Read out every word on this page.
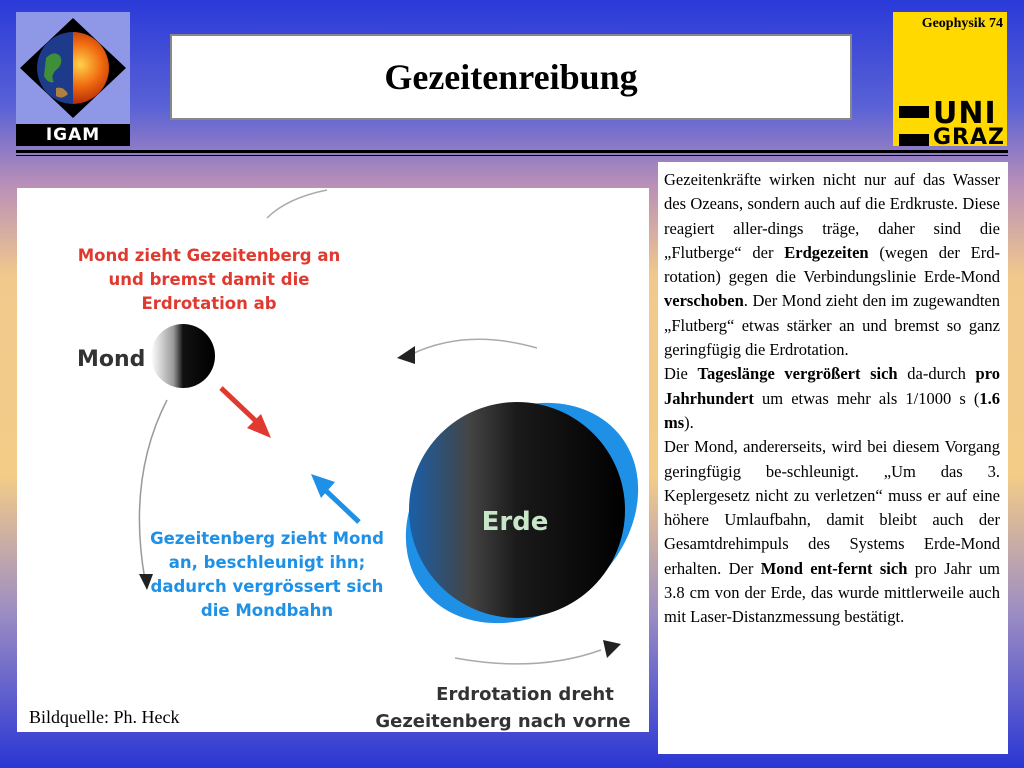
IGAM
Gezeitenreibung
Geophysik 74
UNI
GRAZ
Mond
Erde
Mond zieht Gezeitenberg an
und bremst damit die
Erdrotation ab
Gezeitenberg zieht Mond
an, beschleunigt ihn;
dadurch vergrössert sich
die Mondbahn
Erdrotation dreht
Gezeitenberg nach vorne
Bildquelle: Ph. Heck

Gezeitenkräfte wirken nicht nur auf das Wasser des Ozeans, sondern auch auf die Erdkruste. Diese reagiert aller-dings träge, daher sind die „Flutberge“ der Erdgezeiten (wegen der Erd-rotation) gegen die Verbindungslinie Erde-Mond verschoben. Der Mond zieht den im zugewandten „Flutberg“ etwas stärker an und bremst so ganz geringfügig die Erdrotation.

Die Tageslänge vergrößert sich da-durch pro Jahrhundert um etwas mehr als 1/1000 s (1.6 ms).

Der Mond, andererseits, wird bei diesem Vorgang geringfügig be-schleunigt. „Um das 3. Keplergesetz nicht zu verletzen“ muss er auf eine höhere Umlaufbahn, damit bleibt auch der Gesamtdrehimpuls des Systems Erde-Mond erhalten. Der Mond ent-fernt sich pro Jahr um 3.8 cm von der Erde, das wurde mittlerweile auch mit Laser-Distanzmessung bestätigt.
